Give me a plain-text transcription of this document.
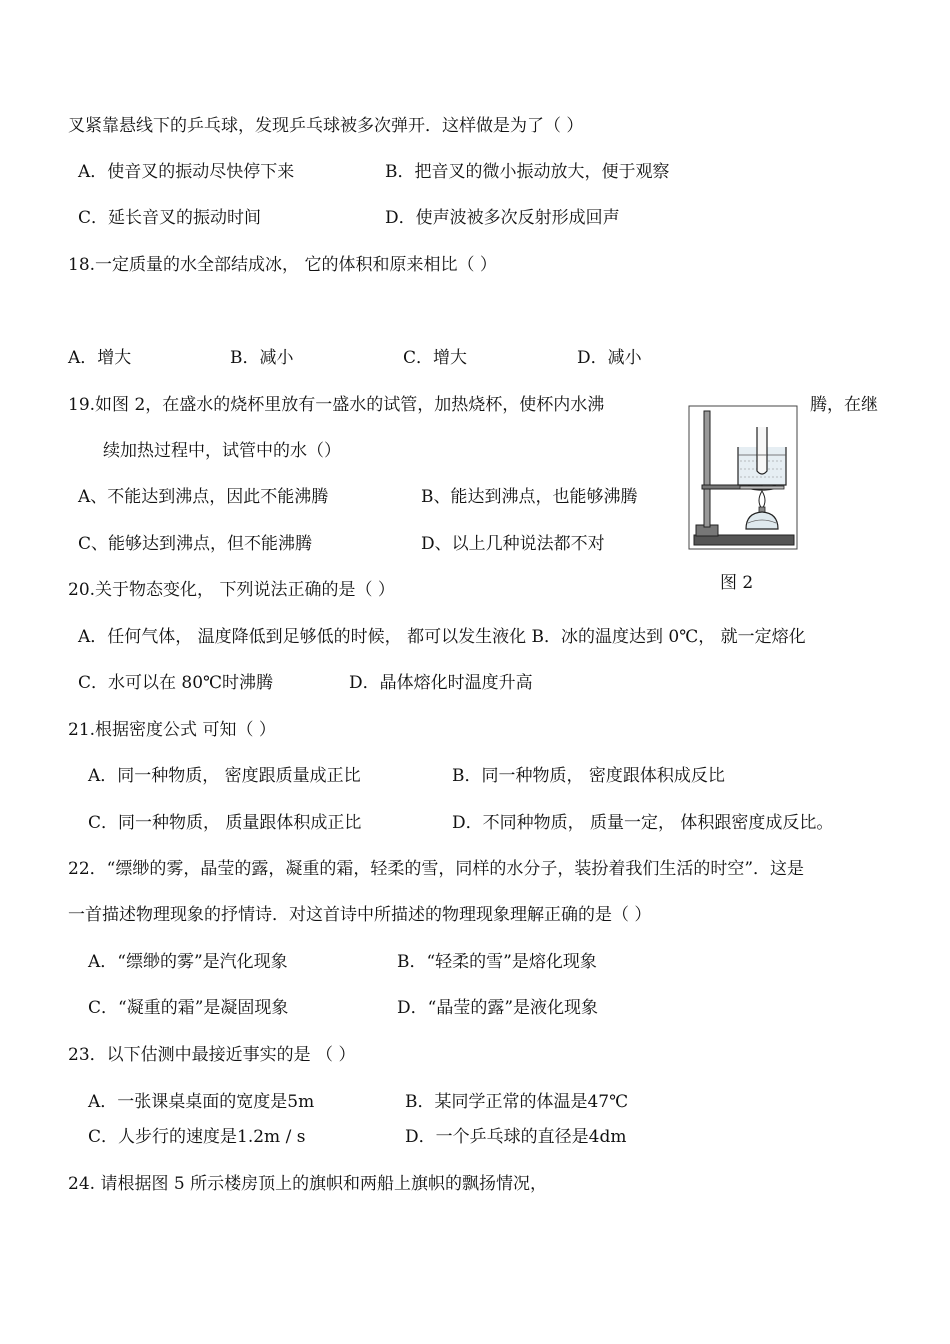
叉紧靠悬线下的乒乓球，发现乒乓球被多次弹开．这样做是为了（ ）
A．使音叉的振动尽快停下来	B．把音叉的微小振动放大，便于观察
C．延长音叉的振动时间	D．使声波被多次反射形成回声
18.一定质量的水全部结成冰， 它的体积和原来相比（ ）
A．增大	B．减小	C．增大	D．减小
19.如图 2，在盛水的烧杯里放有一盛水的试管，加热烧杯，使杯内水沸	腾，在继
续加热过程中，试管中的水（）
A、不能达到沸点，因此不能沸腾	B、能达到沸点，也能够沸腾
C、能够达到沸点，但不能沸腾	D、以上几种说法都不对
图 2
20.关于物态变化， 下列说法正确的是（ ）
A．任何气体， 温度降低到足够低的时候， 都可以发生液化 B．冰的温度达到 0℃， 就一定熔化
C．水可以在 80℃时沸腾	D．晶体熔化时温度升高
21.根据密度公式 可知（ ）
A．同一种物质， 密度跟质量成正比	B．同一种物质， 密度跟体积成反比
C．同一种物质， 质量跟体积成正比	D．不同种物质， 质量一定， 体积跟密度成反比。
22．“缥缈的雾，晶莹的露，凝重的霜，轻柔的雪，同样的水分子，装扮着我们生活的时空”．这是
一首描述物理现象的抒情诗．对这首诗中所描述的物理现象理解正确的是（ ）
A．“缥缈的雾”是汽化现象	B．“轻柔的雪”是熔化现象
C．“凝重的霜”是凝固现象	D．“晶莹的露”是液化现象
23．以下估测中最接近事实的是 （ ）
A．一张课桌桌面的宽度是5m	B．某同学正常的体温是47℃
C．人步行的速度是1.2m / s	D．一个乒乓球的直径是4dm
24. 请根据图 5 所示楼房顶上的旗帜和两船上旗帜的飘扬情况，
